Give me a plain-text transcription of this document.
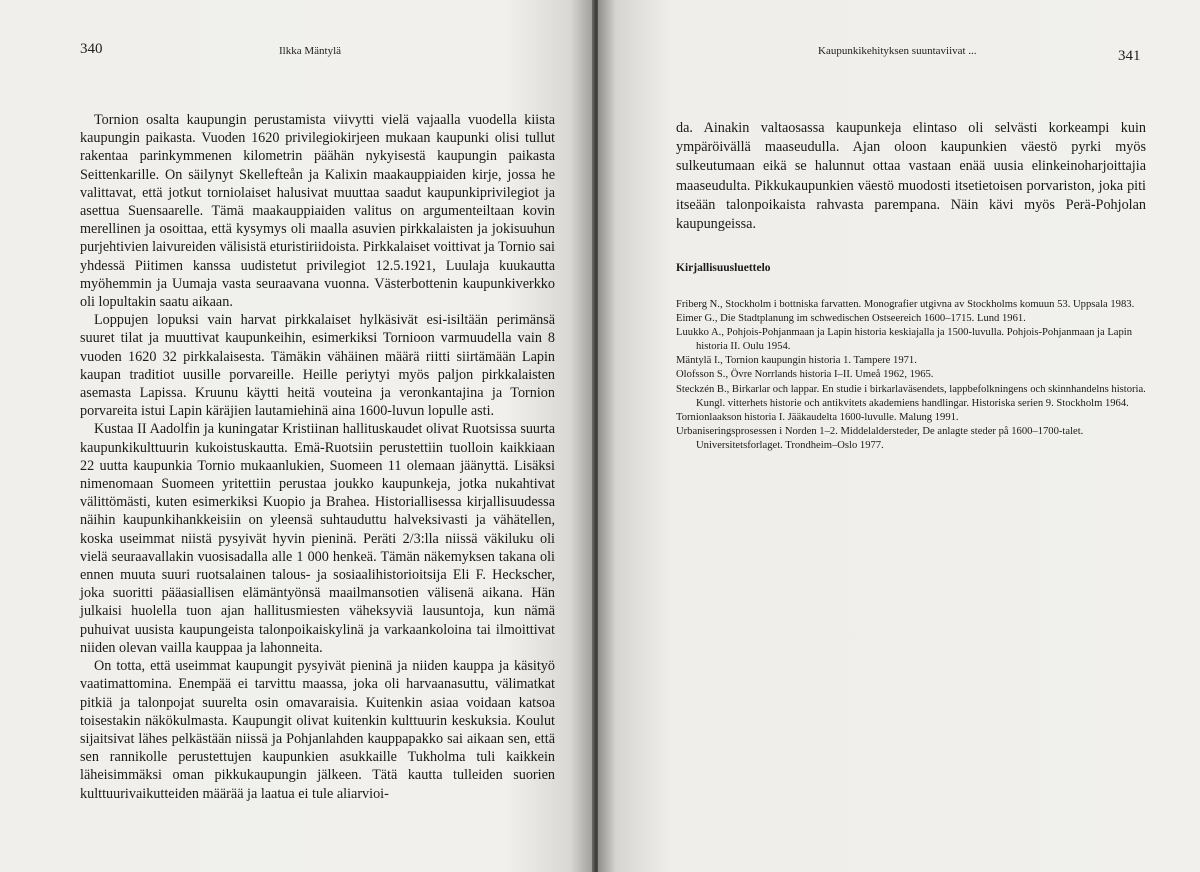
340	Ilkka Mäntylä

Tornion osalta kaupungin perustamista viivytti vielä vajaalla vuodella kiista kaupungin paikasta. Vuoden 1620 privilegiokirjeen mukaan kaupunki olisi tullut rakentaa parinkymmenen kilometrin päähän nykyisestä kaupungin paikasta Seittenkarille. On säilynyt Skellefteån ja Kalixin maakauppiaiden kirje, jossa he valittavat, että jotkut torniolaiset halusivat muuttaa saadut kaupunkiprivilegiot ja asettua Suensaarelle. Tämä maakauppiaiden valitus on argumenteiltaan kovin merellinen ja osoittaa, että kysymys oli maalla asuvien pirkkalaisten ja jokisuuhun purjehtivien laivureiden välisistä eturistiriidoista. Pirkkalaiset voittivat ja Tornio sai yhdessä Piitimen kanssa uudistetut privilegiot 12.5.1921, Luulaja kuukautta myöhemmin ja Uumaja vasta seuraavana vuonna. Västerbottenin kaupunkiverkko oli lopultakin saatu aikaan.

Loppujen lopuksi vain harvat pirkkalaiset hylkäsivät esi-isiltään perimänsä suuret tilat ja muuttivat kaupunkeihin, esimerkiksi Tornioon varmuudella vain 8 vuoden 1620 32 pirkkalaisesta. Tämäkin vähäinen määrä riitti siirtämään Lapin kaupan traditiot uusille porvareille. Heille periytyi myös paljon pirkkalaisten asemasta Lapissa. Kruunu käytti heitä vouteina ja veronkantajina ja Tornion porvareita istui Lapin käräjien lautamiehinä aina 1600-luvun lopulle asti.

Kustaa II Aadolfin ja kuningatar Kristiinan hallituskaudet olivat Ruotsissa suurta kaupunkikulttuurin kukoistuskautta. Emä-Ruotsiin perustettiin tuolloin kaikkiaan 22 uutta kaupunkia Tornio mukaanlukien, Suomeen 11 olemaan jäänyttä. Lisäksi nimenomaan Suomeen yritettiin perustaa joukko kaupunkeja, jotka nukahtivat välittömästi, kuten esimerkiksi Kuopio ja Brahea. Historiallisessa kirjallisuudessa näihin kaupunkihankkeisiin on yleensä suhtauduttu halveksivasti ja vähätellen, koska useimmat niistä pysyivät hyvin pieninä. Peräti 2/3:lla niissä väkiluku oli vielä seuraavallakin vuosisadalla alle 1 000 henkeä. Tämän näkemyksen takana oli ennen muuta suuri ruotsalainen talous- ja sosiaalihistorioitsija Eli F. Heckscher, joka suoritti pääasiallisen elämäntyönsä maailmansotien välisenä aikana. Hän julkaisi huolella tuon ajan hallitusmiesten väheksyviä lausuntoja, kun nämä puhuivat uusista kaupungeista talonpoikaiskylinä ja varkaankoloina tai ilmoittivat niiden olevan vailla kauppaa ja lahonneita.

On totta, että useimmat kaupungit pysyivät pieninä ja niiden kauppa ja käsityö vaatimattomina. Enempää ei tarvittu maassa, joka oli harvaanasuttu, välimatkat pitkiä ja talonpojat suurelta osin omavaraisia. Kuitenkin asiaa voidaan katsoa toisestakin näkökulmasta. Kaupungit olivat kuitenkin kulttuurin keskuksia. Koulut sijaitsivat lähes pelkästään niissä ja Pohjanlahden kauppapakko sai aikaan sen, että sen rannikolle perustettujen kaupunkien asukkaille Tukholma tuli kaikkein läheisimmäksi oman pikkukaupungin jälkeen. Tätä kautta tulleiden suorien kulttuurivaikutteiden määrää ja laatua ei tule aliarvioi-

Kaupunkikehityksen suuntaviivat ...	341

da. Ainakin valtaosassa kaupunkeja elintaso oli selvästi korkeampi kuin ympäröivällä maaseudulla. Ajan oloon kaupunkien väestö pyrki myös sulkeutumaan eikä se halunnut ottaa vastaan enää uusia elinkeinoharjoittajia maaseudulta. Pikkukaupunkien väestö muodosti itsetietoisen porvariston, joka piti itseään talonpoikaista rahvasta parempana. Näin kävi myös Perä-Pohjolan kaupungeissa.

Kirjallisuusluettelo
Friberg N., Stockholm i bottniska farvatten. Monografier utgivna av Stockholms komuun 53. Uppsala 1983.
Eimer G., Die Stadtplanung im schwedischen Ostseereich 1600–1715. Lund 1961.
Luukko A., Pohjois-Pohjanmaan ja Lapin historia keskiajalla ja 1500-luvulla. Pohjois-Pohjanmaan ja Lapin historia II. Oulu 1954.
Mäntylä I., Tornion kaupungin historia 1. Tampere 1971.
Olofsson S., Övre Norrlands historia I–II. Umeå 1962, 1965.
Steckzén B., Birkarlar och lappar. En studie i birkarlaväsendets, lappbefolkningens och skinnhandelns historia. Kungl. vitterhets historie och antikvitets akademiens handlingar. Historiska serien 9. Stockholm 1964.
Tornionlaakson historia I. Jääkaudelta 1600-luvulle. Malung 1991.
Urbaniseringsprosessen i Norden 1–2. Middelaldersteder, De anlagte steder på 1600–1700-talet. Universitetsforlaget. Trondheim–Oslo 1977.
